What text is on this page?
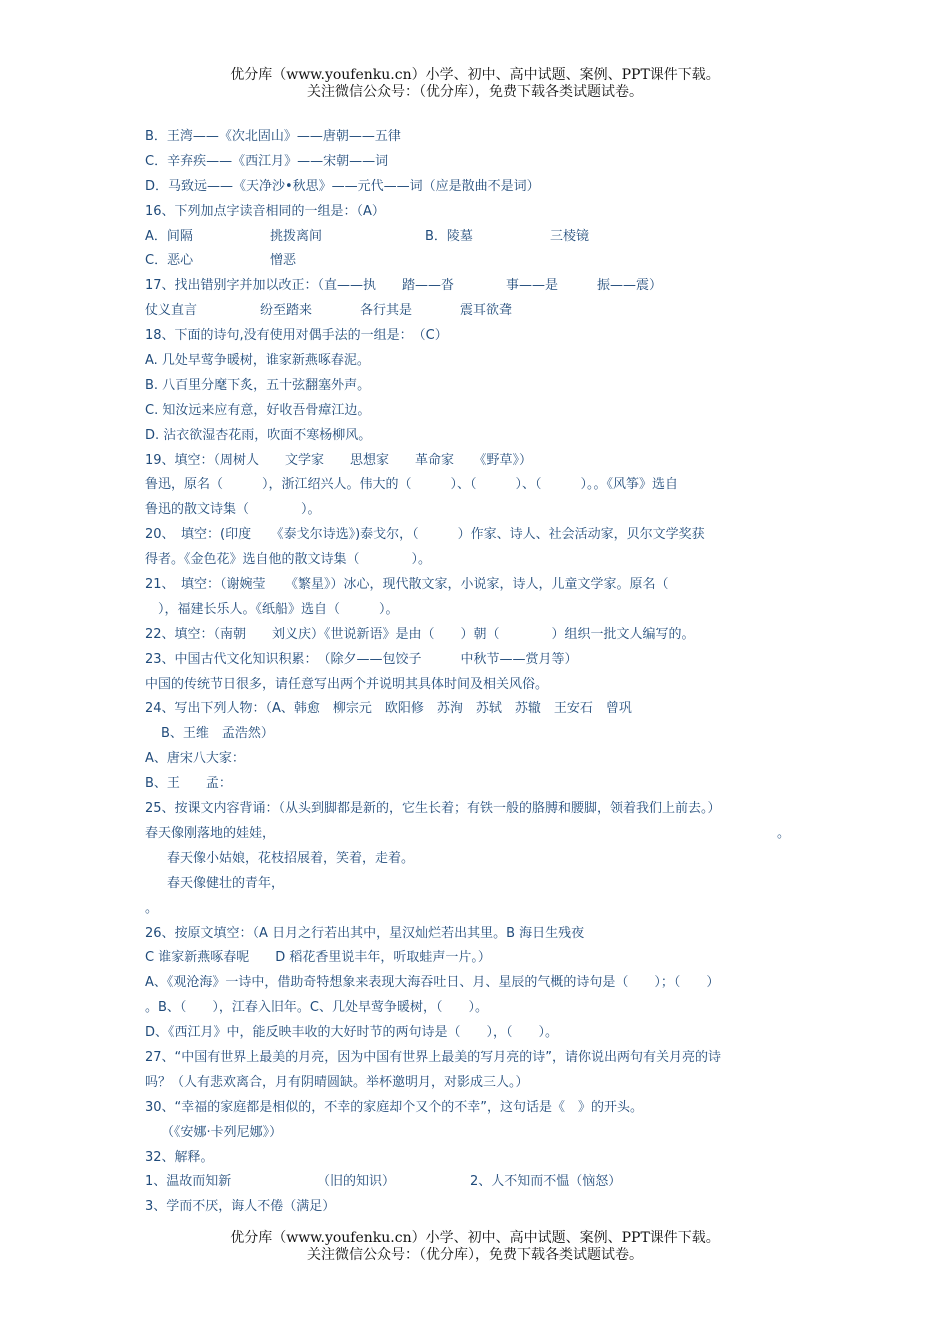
优分库（www.youfenku.cn）小学、初中、高中试题、案例、PPT课件下载。
关注微信公众号：（优分库），免费下载各类试题试卷。
B．王湾——《次北固山》——唐朝——五律
C．辛弃疾——《西江月》——宋朝——词
D．马致远——《天净沙•秋思》——元代——词（应是散曲不是词）
16、下列加点字读音相同的一组是：（A）
A．间隔	挑拨离间	B．陵墓	三棱镜
C．恶心	憎恶
17、找出错别字并加以改正：（直——执　　踏——沓　　　　事——是　　　振——震）
仗义直言	纷至踏来	各行其是	震耳欲聋
18、下面的诗句,没有使用对偶手法的一组是：　（C）
A. 几处早莺争暖树，谁家新燕啄春泥。
B. 八百里分麾下炙，五十弦翻塞外声。
C. 知汝远来应有意，好收吾骨瘴江边。
D. 沾衣欲湿杏花雨，吹面不寒杨柳风。
19、填空：（周树人　　文学家　　思想家　　革命家　　《野草》）
鲁迅，原名（　　　），浙江绍兴人。伟大的（　　　）、（　　　）、（　　　）。。《风筝》选自
鲁迅的散文诗集（　　　　）。
20、　填空：(印度　　《泰戈尔诗选》)泰戈尔，（　　　）作家、诗人、社会活动家，贝尔文学奖获
得者。《金色花》选自他的散文诗集（　　　　）。
21、　填空：（谢婉莹　　《繁星》）冰心，现代散文家，小说家，诗人，儿童文学家。原名（
　），福建长乐人。《纸船》选自（　　　）。
22、填空：（南朝　　刘义庆）《世说新语》是由（　　）朝（　　　　）组织一批文人编写的。
23、中国古代文化知识积累：　（除夕——包饺子　　　中秋节——赏月等）
中国的传统节日很多，请任意写出两个并说明其具体时间及相关风俗。
24、写出下列人物：（A、韩愈　柳宗元　欧阳修　苏洵　苏轼　苏辙　王安石　曾巩
B、王维　孟浩然）
A、唐宋八大家：
B、王　　孟：
25、按课文内容背诵：（从头到脚都是新的，它生长着；有铁一般的胳膊和腰脚，领着我们上前去。）
春天像刚落地的娃娃，	。
春天像小姑娘，花枝招展着，笑着，走着。
春天像健壮的青年，
。
26、按原文填空：（A 日月之行若出其中，星汉灿烂若出其里。B 海日生残夜
C 谁家新燕啄春呢　　D 稻花香里说丰年，听取蛙声一片。）
A、《观沧海》一诗中，借助奇特想象来表现大海吞吐日、月、星辰的气概的诗句是（　　）；（　　）
。B、（　　），江春入旧年。C、几处早莺争暖树，（　　）。
D、《西江月》中，能反映丰收的大好时节的两句诗是（　　），（　　）。
27、“中国有世界上最美的月亮，因为中国有世界上最美的写月亮的诗”，请你说出两句有关月亮的诗
吗？（人有悲欢离合，月有阴晴圆缺。举杯邀明月，对影成三人。）
30、“幸福的家庭都是相似的，不幸的家庭却个又个的不幸”，这句话是《　》的开头。
（《安娜·卡列尼娜》）
32、解释。
1、温故而知新	（旧的知识）	2、人不知而不愠（恼怒）
3、学而不厌，诲人不倦（满足）
优分库（www.youfenku.cn）小学、初中、高中试题、案例、PPT课件下载。
关注微信公众号：（优分库），免费下载各类试题试卷。
